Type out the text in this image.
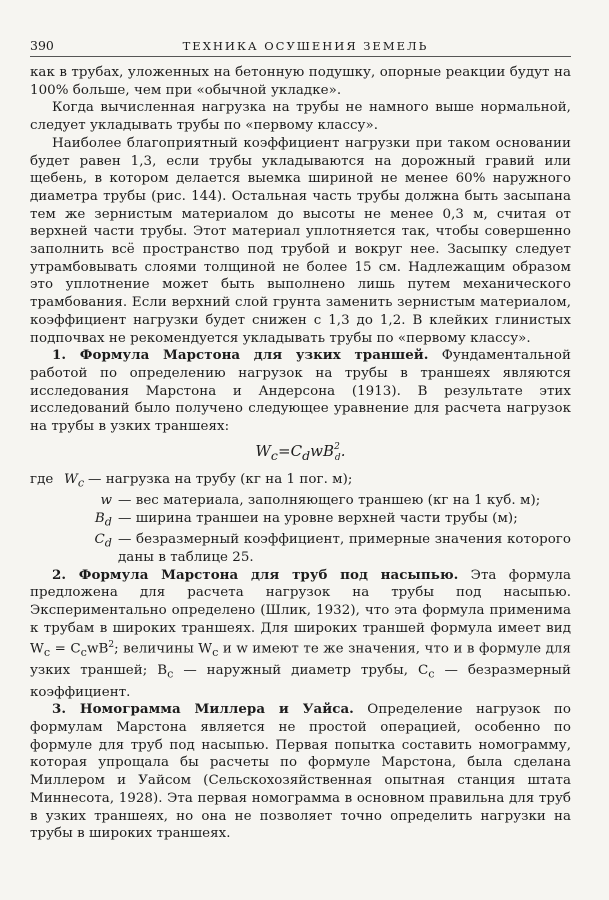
390	ТЕХНИКА ОСУШЕНИЯ ЗЕМЕЛЬ

как в трубах, уложенных на бетонную подушку, опорные реакции будут на 100% больше, чем при «обычной укладке».

Когда вычисленная нагрузка на трубы не намного выше нормальной, следует укладывать трубы по «первому классу».

Наиболее благоприятный коэффициент нагрузки при таком основании будет равен 1,3, если трубы укладываются на дорожный гравий или щебень, в котором делается выемка шириной не менее 60% наружного диаметра трубы (рис. 144). Остальная часть трубы должна быть засыпана тем же зернистым материалом до высоты не менее 0,3 м, считая от верхней части трубы. Этот материал уплотняется так, чтобы совершенно заполнить всё пространство под трубой и вокруг нее. Засыпку следует утрамбовывать слоями толщиной не более 15 см. Надлежащим образом это уплотнение может быть выполнено лишь путем механического трамбования. Если верхний слой грунта заменить зернистым материалом, коэффициент нагрузки будет снижен с 1,3 до 1,2. В клейких глинистых подпочвах не рекомендуется укладывать трубы по «первому классу».

1. Формула Марстона для узких траншей. Фундаментальной работой по определению нагрузок на трубы в траншеях являются исследования Марстона и Андерсона (1913). В результате этих исследований было получено следующее уравнение для расчета нагрузок на трубы в узких траншеях:

$W_c=C_dwB^2_d$.
где $W_c$ — нагрузка на трубу (кг на 1 пог. м);
w — вес материала, заполняющего траншею (кг на 1 куб. м);
$B_d$ — ширина траншеи на уровне верхней части трубы (м);
$C_d$ — безразмерный коэффициент, примерные значения которого даны в таблице 25.

2. Формула Марстона для труб под насыпью. Эта формула предложена для расчета нагрузок на трубы под насыпью. Экспериментально определено (Шлик, 1932), что эта формула применима к трубам в широких траншеях. Для широких траншей формула имеет вид $W_c = C_cwB^2$; величины $W_c$ и w имеют те же значения, что и в формуле для узких траншей; $B_c$ — наружный диаметр трубы, $C_c$ — безразмерный коэффициент.

3. Номограмма Миллера и Уайса. Определение нагрузок по формулам Марстона является не простой операцией, особенно по формуле для труб под насыпью. Первая попытка составить номограмму, которая упрощала бы расчеты по формуле Марстона, была сделана Миллером и Уайсом (Сельскохозяйственная опытная станция штата Миннесота, 1928). Эта первая номограмма в основном правильна для труб в узких траншеях, но она не позволяет точно определить нагрузки на трубы в широких траншеях.
